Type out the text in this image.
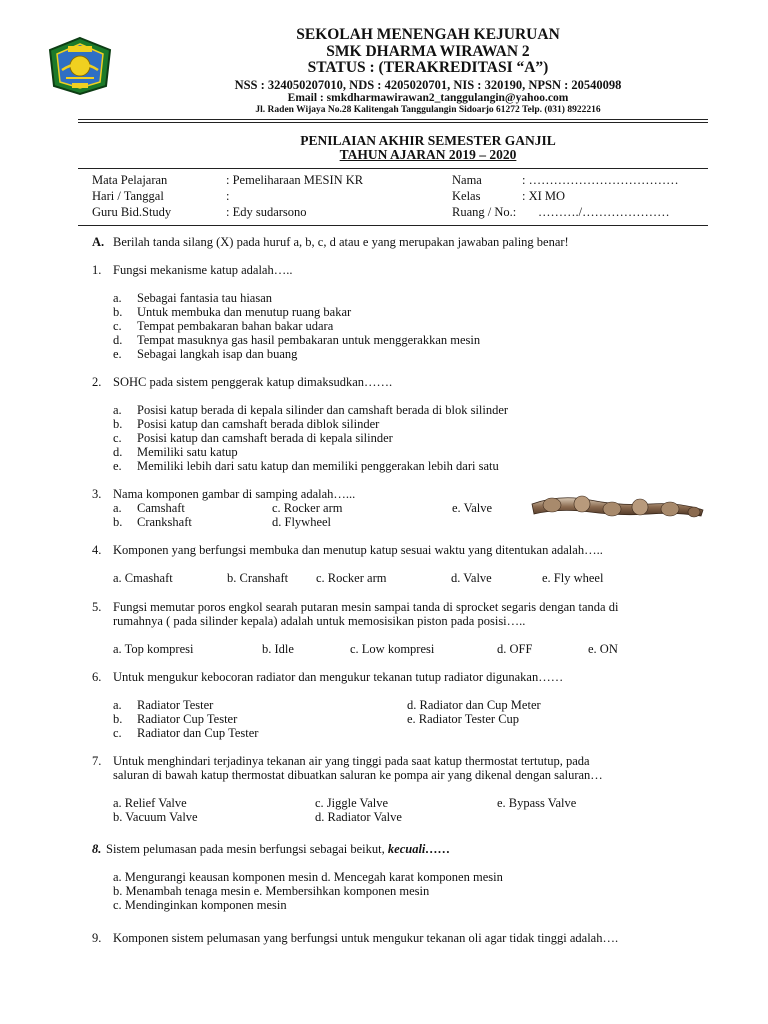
SEKOLAH MENENGAH KEJURUAN
SMK DHARMA WIRAWAN 2
STATUS : (TERAKREDITASI “A”)
NSS : 324050207010, NDS : 4205020701, NIS : 320190, NPSN : 20540098
Email : smkdharmawirawan2_tanggulangin@yahoo.com
Jl. Raden Wijaya No.28 Kalitengah Tanggulangin Sidoarjo 61272 Telp. (031) 8922216
PENILAIAN AKHIR SEMESTER GANJIL
TAHUN AJARAN 2019 – 2020
Mata Pelajaran	: Pemeliharaan MESIN KR
Hari / Tanggal	:
Guru Bid.Study	: Edy sudarsono
Nama	: ………………………………
Kelas	: XI MO
Ruang / No.: ………./…………………
A. Berilah tanda silang (X) pada huruf a, b, c, d atau e yang merupakan jawaban paling benar!
1. Fungsi mekanisme katup adalah…..
a. Sebagai fantasia tau hiasan
b. Untuk membuka dan menutup ruang bakar
c. Tempat pembakaran bahan bakar udara
d. Tempat masuknya gas hasil pembakaran untuk menggerakkan mesin
e. Sebagai langkah isap dan buang
2. SOHC pada sistem penggerak katup dimaksudkan…….
a. Posisi katup berada di kepala silinder dan camshaft berada di blok silinder
b. Posisi katup dan camshaft berada diblok silinder
c. Posisi katup dan camshaft berada di kepala silinder
d. Memiliki satu katup
e. Memiliki lebih dari satu katup dan memiliki penggerakan lebih dari satu
3. Nama komponen gambar di samping adalah…...
a. Camshaft
b. Crankshaft
c. Rocker arm
d. Flywheel
e. Valve
4. Komponen yang berfungsi membuka dan menutup katup sesuai waktu yang ditentukan adalah…..
a. Cmashaft	b. Cranshaft c. Rocker arm	d. Valve	e. Fly wheel
5. Fungsi memutar poros engkol searah putaran mesin sampai tanda di sprocket segaris dengan tanda di
rumahnya ( pada silinder kepala) adalah untuk memosisikan piston pada posisi…..
a. Top kompresi	b. Idle	c. Low kompresi	d. OFF	e. ON
6. Untuk mengukur kebocoran radiator dan mengukur tekanan tutup radiator digunakan……
a. Radiator Tester
b. Radiator Cup Tester
c. Radiator dan Cup Tester
d. Radiator dan Cup Meter
e. Radiator Tester Cup
7. Untuk menghindari terjadinya tekanan air yang tinggi pada saat katup thermostat tertutup, pada
saluran di bawah katup thermostat dibuatkan saluran ke pompa air yang dikenal dengan saluran…
a. Relief Valve
b. Vacuum Valve
c. Jiggle Valve
d. Radiator Valve
e. Bypass Valve
8. Sistem pelumasan pada mesin berfungsi sebagai beikut, kecuali……
a. Mengurangi keausan komponen mesin d. Mencegah karat komponen mesin
b. Menambah tenaga mesin e. Membersihkan komponen mesin
c. Mendinginkan komponen mesin
9. Komponen sistem pelumasan yang berfungsi untuk mengukur tekanan oli agar tidak tinggi adalah….
